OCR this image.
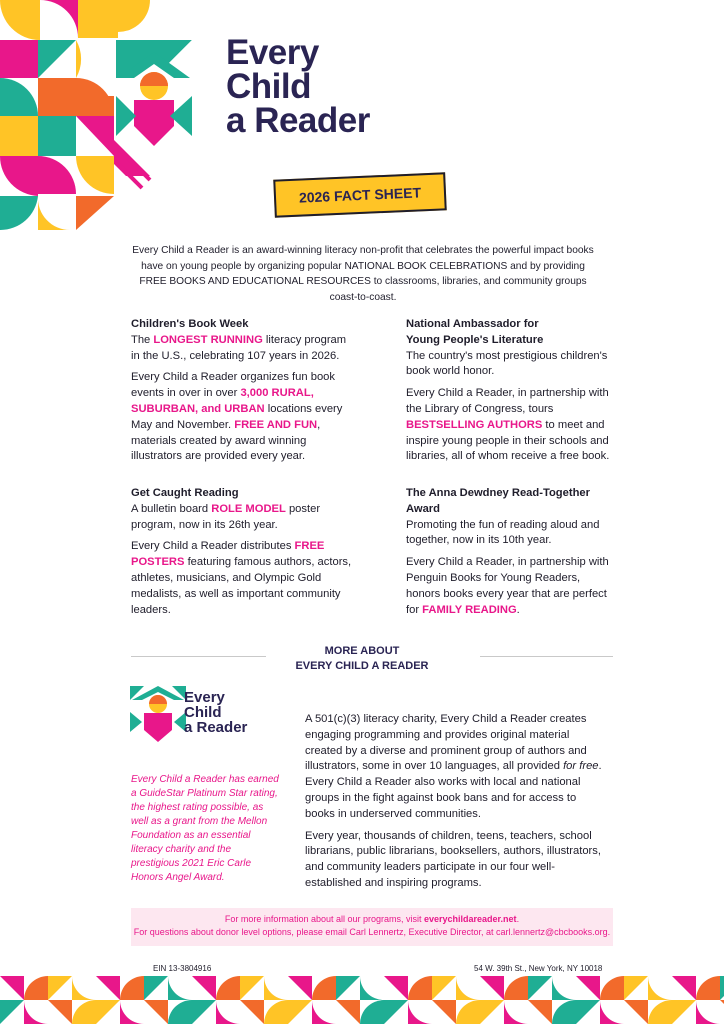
Every
Child
a Reader
2026 FACT SHEET
Every Child a Reader is an award-winning literacy non-profit that celebrates the powerful impact books have on young people by organizing popular NATIONAL BOOK CELEBRATIONS and by providing FREE BOOKS AND EDUCATIONAL RESOURCES to classrooms, libraries, and community groups coast-to-coast.
Children's Book Week

The LONGEST RUNNING literacy program in the U.S., celebrating 107 years in 2026.

Every Child a Reader organizes fun book events in over in over 3,000 RURAL, SUBURBAN, and URBAN locations every May and November. FREE AND FUN, materials created by award winning illustrators are provided every year.

National Ambassador for
Young People's Literature

The country's most prestigious children's book world honor.

Every Child a Reader, in partnership with the Library of Congress, tours BESTSELLING AUTHORS to meet and inspire young people in their schools and libraries, all of whom receive a free book.

Get Caught Reading

A bulletin board ROLE MODEL poster program, now in its 26th year.

Every Child a Reader distributes FREE POSTERS featuring famous authors, actors, athletes, musicians, and Olympic Gold medalists, as well as important community leaders.

The Anna Dewdney Read-Together Award

Promoting the fun of reading aloud and together, now in its 10th year.

Every Child a Reader, in partnership with Penguin Books for Young Readers, honors books every year that are perfect for FAMILY READING.

MORE ABOUT
EVERY CHILD A READER
Every
Child
a Reader
Every Child a Reader has earned a GuideStar Platinum Star rating, the highest rating possible, as well as a grant from the Mellon Foundation as an essential literacy charity and the prestigious 2021 Eric Carle Honors Angel Award.

A 501(c)(3) literacy charity, Every Child a Reader creates engaging programming and provides original material created by a diverse and prominent group of authors and illustrators, some in over 10 languages, all provided for free. Every Child a Reader also works with local and national groups in the fight against book bans and for access to books in underserved communities.

Every year, thousands of children, teens, teachers, school librarians, public librarians, booksellers, authors, illustrators, and community leaders participate in our four well-established and inspiring programs.

For more information about all our programs, visit everychildareader.net.
For questions about donor level options, please email Carl Lennertz, Executive Director, at carl.lennertz@cbcbooks.org.
EIN 13-3804916	54 W. 39th St., New York, NY 10018
